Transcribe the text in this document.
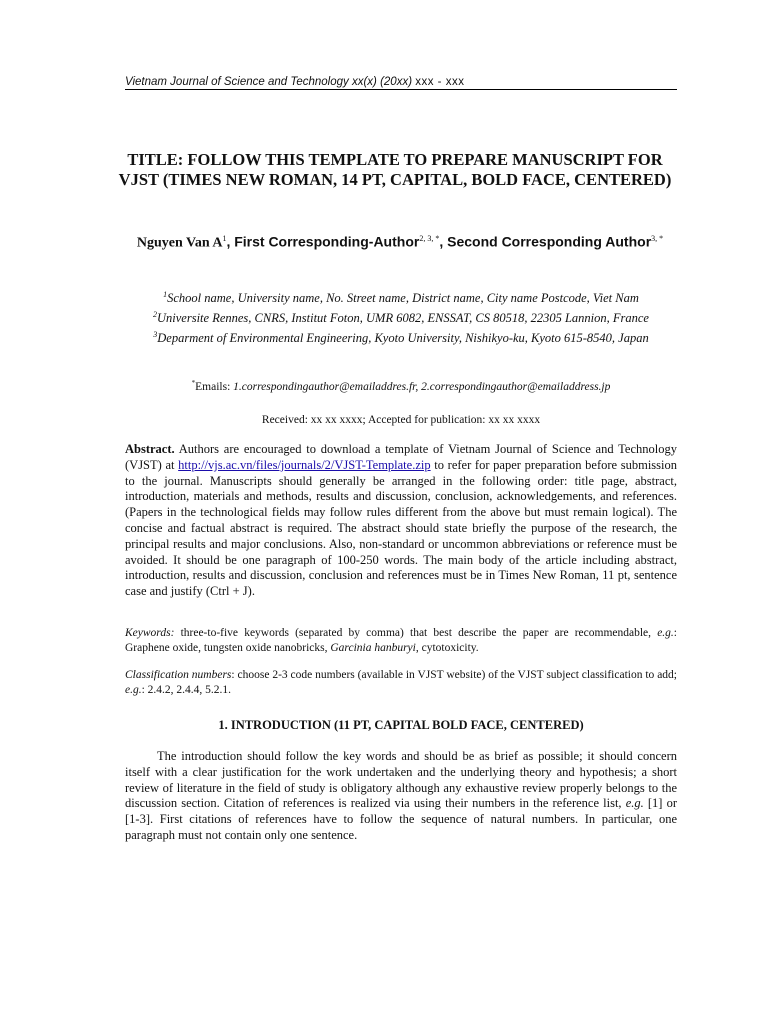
Vietnam Journal of Science and Technology xx(x) (20xx) xxx - xxx
TITLE: FOLLOW THIS TEMPLATE TO PREPARE MANUSCRIPT FOR VJST (TIMES NEW ROMAN, 14 PT, CAPITAL, BOLD FACE, CENTERED)
Nguyen Van $A^1$, First Corresponding-Author$^{2, 3, *}$, Second Corresponding Author$^{3, *}$
$^1$School name, University name, No. Street name, District name, City name Postcode, Viet Nam
$^2$Universite Rennes, CNRS, Institut Foton, UMR 6082, ENSSAT, CS 80518, 22305 Lannion, France
$^3$Deparment of Environmental Engineering, Kyoto University, Nishikyo-ku, Kyoto 615-8540, Japan
*Emails: 1.correspondingauthor@emailaddres.fr, 2.correspondingauthor@emailaddress.jp
Received: xx xx xxxx; Accepted for publication: xx xx xxxx
Abstract. Authors are encouraged to download a template of Vietnam Journal of Science and Technology (VJST) at http://vjs.ac.vn/files/journals/2/VJST-Template.zip to refer for paper preparation before submission to the journal. Manuscripts should generally be arranged in the following order: title page, abstract, introduction, materials and methods, results and discussion, conclusion, acknowledgements, and references. (Papers in the technological fields may follow rules different from the above but must remain logical). The concise and factual abstract is required. The abstract should state briefly the purpose of the research, the principal results and major conclusions. Also, non-standard or uncommon abbreviations or reference must be avoided. It should be one paragraph of 100-250 words. The main body of the article including abstract, introduction, results and discussion, conclusion and references must be in Times New Roman, 11 pt, sentence case and justify (Ctrl + J).
Keywords: three-to-five keywords (separated by comma) that best describe the paper are recommendable, e.g.: Graphene oxide, tungsten oxide nanobricks, Garcinia hanburyi, cytotoxicity.
Classification numbers: choose 2-3 code numbers (available in VJST website) of the VJST subject classification to add; e.g.: 2.4.2, 2.4.4, 5.2.1.
1. INTRODUCTION (11 PT, CAPITAL BOLD FACE, CENTERED)
The introduction should follow the key words and should be as brief as possible; it should concern itself with a clear justification for the work undertaken and the underlying theory and hypothesis; a short review of literature in the field of study is obligatory although any exhaustive review properly belongs to the discussion section. Citation of references is realized via using their numbers in the reference list, e.g. [1] or [1-3]. First citations of references have to follow the sequence of natural numbers. In particular, one paragraph must not contain only one sentence.
